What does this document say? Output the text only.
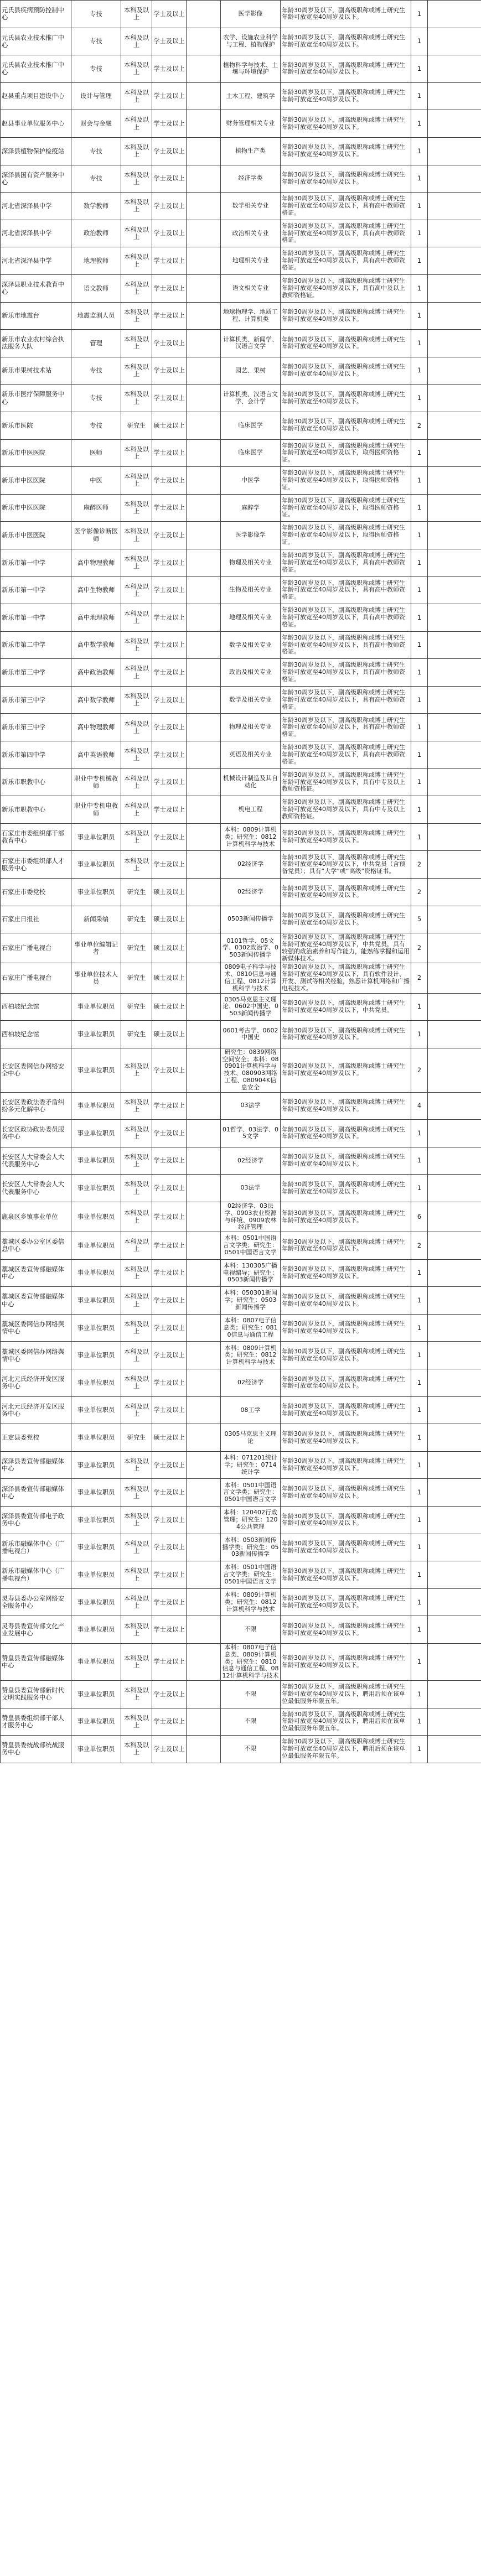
元氏县疾病预防控制中心	专技	本科及以上	学士及以上		医学影像	年龄30周岁及以下，副高级职称或博士研究生年龄可放宽至40周岁及以下。	1	
元氏县农业技术推广中心	专技	本科及以上	学士及以上		农学、设施农业科学与工程、植物保护	年龄30周岁及以下，副高级职称或博士研究生年龄可放宽至40周岁及以下。	1	
元氏县农业技术推广中心	专技	本科及以上	学士及以上		植物科学与技术、土壤与环境保护	年龄30周岁及以下，副高级职称或博士研究生年龄可放宽至40周岁及以下。	1	
赵县重点项目建设中心	设计与管理	本科及以上	学士及以上		土木工程、建筑学	年龄30周岁及以下，副高级职称或博士研究生年龄可放宽至40周岁及以下。	1	
赵县事业单位服务中心	财会与金融	本科及以上	学士及以上		财务管理相关专业	年龄30周岁及以下，副高级职称或博士研究生年龄可放宽至40周岁及以下。	1	
深泽县植物保护检疫站	专技	本科及以上	学士及以上		植物生产类	年龄30周岁及以下，副高级职称或博士研究生年龄可放宽至40周岁及以下。	1	
深泽县国有资产服务中心	专技	本科及以上	学士及以上		经济学类	年龄30周岁及以下，副高级职称或博士研究生年龄可放宽至40周岁及以下。	1	
河北省深泽县中学	数学教师	本科及以上	学士及以上		数学相关专业	年龄30周岁及以下，副高级职称或博士研究生年龄可放宽至40周岁及以下，具有高中教师资格证。	1	
河北省深泽县中学	政治教师	本科及以上	学士及以上		政治相关专业	年龄30周岁及以下，副高级职称或博士研究生年龄可放宽至40周岁及以下，具有高中教师资格证。	1	
河北省深泽县中学	地理教师	本科及以上	学士及以上		地理相关专业	年龄30周岁及以下，副高级职称或博士研究生年龄可放宽至40周岁及以下，具有高中教师资格证。	1	
深泽县职业技术教育中心	语文教师	本科及以上	学士及以上		语文相关专业	年龄30周岁及以下，副高级职称或博士研究生年龄可放宽至40周岁及以下，具有高中及以上教师资格证。	1	
新乐市地震台	地震监测人员	本科及以上	学士及以上		地球物理学、地质工程、计算机类	年龄30周岁及以下，副高级职称或博士研究生年龄可放宽至40周岁及以下。	1	
新乐市农业农村综合执法服务大队	管理	本科及以上	学士及以上		计算机类、新闻学、汉语言文学	年龄30周岁及以下，副高级职称或博士研究生年龄可放宽至40周岁及以下。	1	
新乐市果树技术站	专技	本科及以上	学士及以上		园艺、果树	年龄30周岁及以下，副高级职称或博士研究生年龄可放宽至40周岁及以下。	1	
新乐市医疗保障服务中心	专技	本科及以上	学士及以上		计算机类、汉语言文学、会计学	年龄30周岁及以下，副高级职称或博士研究生年龄可放宽至40周岁及以下。	1	
新乐市医院	专技	研究生	硕士及以上		临床医学	年龄30周岁及以下，副高级职称或博士研究生年龄可放宽至40周岁及以下。	2	
新乐市中医医院	医师	本科及以上	学士及以上		临床医学	年龄30周岁及以下，副高级职称或博士研究生年龄可放宽至40周岁及以下，取得医师资格证。	1	
新乐市中医医院	中医	本科及以上	学士及以上		中医学	年龄30周岁及以下，副高级职称或博士研究生年龄可放宽至40周岁及以下，取得医师资格证。	1	
新乐市中医医院	麻醉医师	本科及以上	学士及以上		麻醉学	年龄30周岁及以下，副高级职称或博士研究生年龄可放宽至40周岁及以下，取得医师资格证。	1	
新乐市中医医院	医学影像诊断医师	本科及以上	学士及以上		医学影像学	年龄30周岁及以下，副高级职称或博士研究生年龄可放宽至40周岁及以下，取得医师资格证。	1	
新乐市第一中学	高中物理教师	本科及以上	学士及以上		物理及相关专业	年龄30周岁及以下，副高级职称或博士研究生年龄可放宽至40周岁及以下，具有高中教师资格证。	1	
新乐市第一中学	高中生物教师	本科及以上	学士及以上		生物及相关专业	年龄30周岁及以下，副高级职称或博士研究生年龄可放宽至40周岁及以下，具有高中教师资格证。	1	
新乐市第一中学	高中地理教师	本科及以上	学士及以上		地理及相关专业	年龄30周岁及以下，副高级职称或博士研究生年龄可放宽至40周岁及以下，具有高中教师资格证。	1	
新乐市第二中学	高中数学教师	本科及以上	学士及以上		数学及相关专业	年龄30周岁及以下，副高级职称或博士研究生年龄可放宽至40周岁及以下，具有高中教师资格证。	1	
新乐市第三中学	高中政治教师	本科及以上	学士及以上		政治及相关专业	年龄30周岁及以下，副高级职称或博士研究生年龄可放宽至40周岁及以下，具有高中教师资格证。	1	
新乐市第三中学	高中数学教师	本科及以上	学士及以上		数学及相关专业	年龄30周岁及以下，副高级职称或博士研究生年龄可放宽至40周岁及以下，具有高中教师资格证。	1	
新乐市第三中学	高中物理教师	本科及以上	学士及以上		物理及相关专业	年龄30周岁及以下，副高级职称或博士研究生年龄可放宽至40周岁及以下，具有高中教师资格证。	1	
新乐市第四中学	高中英语教师	本科及以上	学士及以上		英语及相关专业	年龄30周岁及以下，副高级职称或博士研究生年龄可放宽至40周岁及以下，具有高中教师资格证。	1	
新乐市职教中心	职业中专机械教师	本科及以上	学士及以上		机械设计制造及其自动化	年龄30周岁及以下，副高级职称或博士研究生年龄可放宽至40周岁及以下，具有中专及以上教师资格证。	1	
新乐市职教中心	职业中专机电教师	本科及以上	学士及以上		机电工程	年龄30周岁及以下，副高级职称或博士研究生年龄可放宽至40周岁及以下，具有中专及以上教师资格证。	1	
石家庄市委组织部干部教育中心	事业单位职员	本科及以上	学士及以上		本科：0809计算机类；研究生：0812计算机科学与技术	年龄30周岁及以下，副高级职称或博士研究生年龄可放宽至40周岁及以下。	1	
石家庄市委组织部人才服务中心	事业单位职员	本科及以上	学士及以上		02经济学	年龄30周岁及以下，副高级职称或博士研究生年龄可放宽至40周岁及以下，中共党员（含预备党员）；具有“大学”或“高级”资格证书。	2	
石家庄市委党校	事业单位职员	研究生	硕士及以上		02经济学	年龄30周岁及以下，副高级职称或博士研究生年龄可放宽至40周岁及以下。	2	
石家庄日报社	新闻采编	研究生	硕士及以上		0503新闻传播学	年龄30周岁及以下，副高级职称或博士研究生年龄可放宽至40周岁及以下。	5	
石家庄广播电视台	事业单位编辑记者	研究生	硕士及以上		0101哲学、05文学、0302政治学、0503新闻传播学	年龄30周岁及以下，副高级职称或博士研究生年龄可放宽至40周岁及以下，中共党员，具有较强的政治素养和写作能力，能熟练掌握和运用新媒体技术。	2	
石家庄广播电视台	事业单位技术人员	研究生	硕士及以上		0809电子科学与技术、0810信息与通信工程、0812计算机科学与技术	年龄30周岁及以下，副高级职称或博士研究生年龄可放宽至40周岁及以下，具有软件设计、开发、测试等相关经验，熟悉计算机网络和广播电视技术。	2	
西柏坡纪念馆	事业单位职员	研究生	硕士及以上		0305马克思主义理论、0602中国史、0503新闻传播学	年龄30周岁及以下，副高级职称或博士研究生年龄可放宽至40周岁及以下，中共党员。	1	
西柏坡纪念馆	事业单位职员	研究生	硕士及以上		0601考古学、0602中国史	年龄30周岁及以下，副高级职称或博士研究生年龄可放宽至40周岁及以下。	1	
长安区委网信办网络安全中心	事业单位职员	本科及以上	学士及以上		研究生：0839网络空间安全；本科：080901计算机科学与技术、080903网络工程、080904K信息安全	年龄30周岁及以下，副高级职称或博士研究生年龄可放宽至40周岁及以下。	2	
长安区委政法委矛盾纠纷多元化解中心	事业单位职员	本科及以上	学士及以上		03法学	年龄30周岁及以下，副高级职称或博士研究生年龄可放宽至40周岁及以下。	4	
长安区政协政协委员服务中心	事业单位职员	本科及以上	学士及以上		01哲学、03法学、05文学	年龄30周岁及以下，副高级职称或博士研究生年龄可放宽至40周岁及以下。	1	
长安区人大常委会人大代表服务中心	事业单位职员	本科及以上	学士及以上		02经济学	年龄30周岁及以下，副高级职称或博士研究生年龄可放宽至40周岁及以下。	1	
长安区人大常委会人大代表服务中心	事业单位职员	本科及以上	学士及以上		03法学	年龄30周岁及以下，副高级职称或博士研究生年龄可放宽至40周岁及以下。	1	
鹿泉区乡镇事业单位	事业单位职员	本科及以上	学士及以上		02经济学、03法学、0903农业资源与环境、0909农林经济管理	年龄30周岁及以下，副高级职称或博士研究生年龄可放宽至40周岁及以下。	6	
藁城区委办公室区委信息中心	事业单位职员	本科及以上	学士及以上		本科：0501中国语言文学类；研究生：0501中国语言文学	年龄30周岁及以下，副高级职称或博士研究生年龄可放宽至40周岁及以下。	2	
藁城区委宣传部融媒体中心	事业单位职员	本科及以上	学士及以上		本科：130305广播电视编导；研究生：0503新闻传播学	年龄30周岁及以下，副高级职称或博士研究生年龄可放宽至40周岁及以下。	1	
藁城区委宣传部融媒体中心	事业单位职员	本科及以上	学士及以上		本科：050301新闻学；研究生：0503新闻传播学	年龄30周岁及以下，副高级职称或博士研究生年龄可放宽至40周岁及以下。	1	
藁城区委网信办网络舆情中心	事业单位职员	本科及以上	学士及以上		本科：0807电子信息类；研究生：0810信息与通信工程	年龄30周岁及以下，副高级职称或博士研究生年龄可放宽至40周岁及以下。	1	
藁城区委网信办网络舆情中心	事业单位职员	本科及以上	学士及以上		本科：0809计算机类；研究生：0812计算机科学与技术	年龄30周岁及以下，副高级职称或博士研究生年龄可放宽至40周岁及以下。	1	
河北元氏经济开发区服务中心	事业单位职员	本科及以上	学士及以上		02经济学	年龄30周岁及以下，副高级职称或博士研究生年龄可放宽至40周岁及以下。	1	
河北元氏经济开发区服务中心	事业单位职员	本科及以上	学士及以上		08工学	年龄30周岁及以下，副高级职称或博士研究生年龄可放宽至40周岁及以下。	1	
正定县委党校	事业单位职员	研究生	硕士及以上		0305马克思主义理论	年龄30周岁及以下，副高级职称或博士研究生年龄可放宽至40周岁及以下。	1	
深泽县委宣传部融媒体中心	事业单位职员	本科及以上	学士及以上		本科：071201统计学；研究生：0714统计学	年龄30周岁及以下，副高级职称或博士研究生年龄可放宽至40周岁及以下。	1	
深泽县委宣传部融媒体中心	事业单位职员	本科及以上	学士及以上		本科：0501中国语言文学类；研究生：0501中国语言文学	年龄30周岁及以下，副高级职称或博士研究生年龄可放宽至40周岁及以下。	1	
深泽县委宣传部电子政务中心	事业单位职员	本科及以上	学士及以上		本科：120402行政管理；研究生：1204公共管理	年龄30周岁及以下，副高级职称或博士研究生年龄可放宽至40周岁及以下。	1	
新乐市融媒体中心（广播电视台）	事业单位职员	本科及以上	学士及以上		本科：0503新闻传播学类；研究生：0503新闻传播学	年龄30周岁及以下，副高级职称或博士研究生年龄可放宽至40周岁及以下。	1	
新乐市融媒体中心（广播电视台）	事业单位职员	本科及以上	学士及以上		本科：0501中国语言文学类；研究生：0501中国语言文学	年龄30周岁及以下，副高级职称或博士研究生年龄可放宽至40周岁及以下。	1	
灵寿县委办公室网络安全服务中心	事业单位职员	本科及以上	学士及以上		本科：0809计算机类；研究生：0812计算机科学与技术	年龄30周岁及以下，副高级职称或博士研究生年龄可放宽至40周岁及以下。	1	
灵寿县委宣传部文化产业发展中心	事业单位职员	本科及以上	学士及以上		不限	年龄30周岁及以下，副高级职称或博士研究生年龄可放宽至40周岁及以下。	1	
赞皇县委宣传部融媒体中心	事业单位职员	本科及以上	学士及以上		本科：0807电子信息类、0809计算机类；研究生：0810信息与通信工程、0812计算机科学与技术	年龄30周岁及以下，副高级职称或博士研究生年龄可放宽至40周岁及以下。	1	
赞皇县委宣传部新时代文明实践服务中心	事业单位职员	本科及以上	学士及以上		不限	年龄30周岁及以下，副高级职称或博士研究生年龄可放宽至40周岁及以下，聘用后须在该单位最低服务年限五年。	1	
赞皇县委组织部干部人才服务中心	事业单位职员	本科及以上	学士及以上		不限	年龄30周岁及以下，副高级职称或博士研究生年龄可放宽至40周岁及以下，聘用后须在该单位最低服务年限五年。	1	
赞皇县委统战部统战服务中心	事业单位职员	本科及以上	学士及以上		不限	年龄30周岁及以下，副高级职称或博士研究生年龄可放宽至40周岁及以下，聘用后须在该单位最低服务年限五年。	1	
